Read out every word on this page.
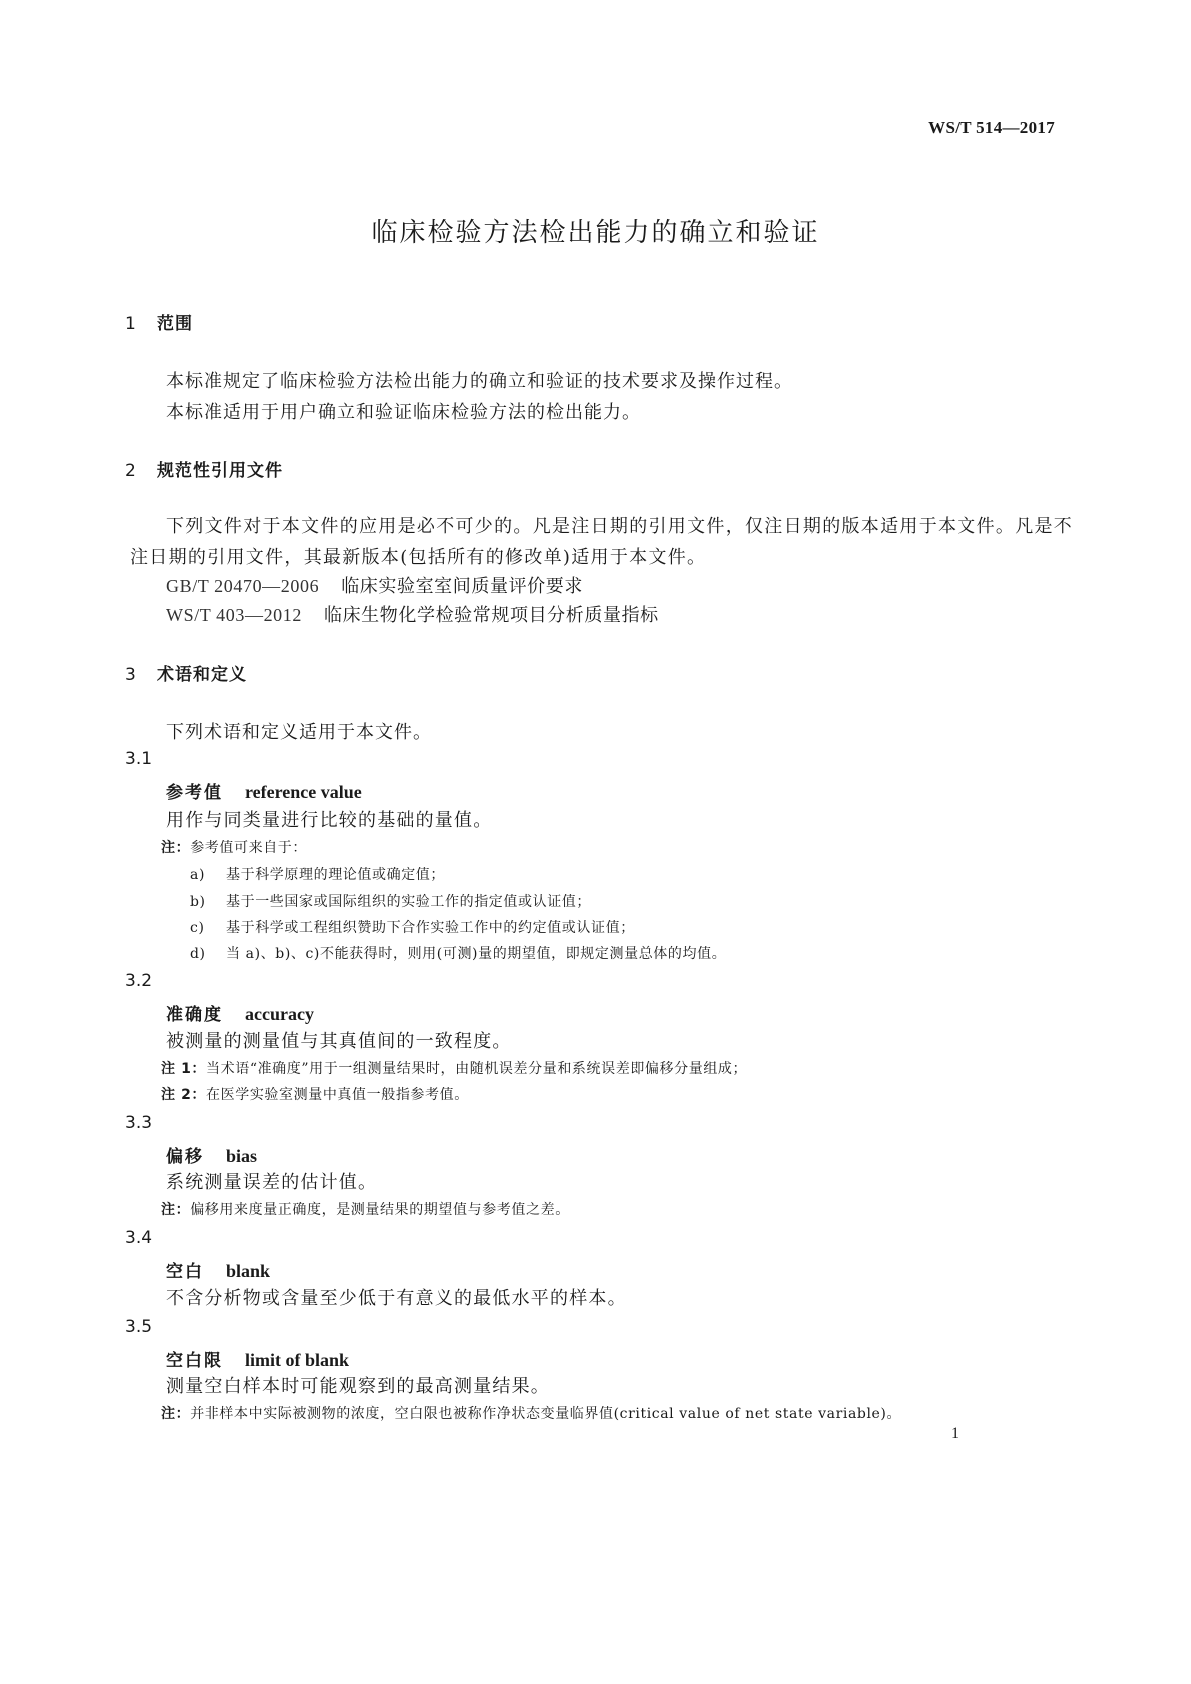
WS/T 514—2017
临床检验方法检出能力的确立和验证
1 范围
本标准规定了临床检验方法检出能力的确立和验证的技术要求及操作过程。
本标准适用于用户确立和验证临床检验方法的检出能力。
2 规范性引用文件
下列文件对于本文件的应用是必不可少的。凡是注日期的引用文件，仅注日期的版本适用于本文件。凡是不注日期的引用文件，其最新版本(包括所有的修改单)适用于本文件。
GB/T 20470—2006 临床实验室室间质量评价要求
WS/T 403—2012 临床生物化学检验常规项目分析质量指标
3 术语和定义
下列术语和定义适用于本文件。
3.1
参考值 reference value
用作与同类量进行比较的基础的量值。
注：参考值可来自于：
a) 基于科学原理的理论值或确定值；
b) 基于一些国家或国际组织的实验工作的指定值或认证值；
c) 基于科学或工程组织赞助下合作实验工作中的约定值或认证值；
d) 当 a)、b)、c)不能获得时，则用(可测)量的期望值，即规定测量总体的均值。
3.2
准确度 accuracy
被测量的测量值与其真值间的一致程度。
注 1：当术语“准确度”用于一组测量结果时，由随机误差分量和系统误差即偏移分量组成；
注 2：在医学实验室测量中真值一般指参考值。
3.3
偏移 bias
系统测量误差的估计值。
注：偏移用来度量正确度，是测量结果的期望值与参考值之差。
3.4
空白 blank
不含分析物或含量至少低于有意义的最低水平的样本。
3.5
空白限 limit of blank
测量空白样本时可能观察到的最高测量结果。
注：并非样本中实际被测物的浓度，空白限也被称作净状态变量临界值(critical value of net state variable)。
1
